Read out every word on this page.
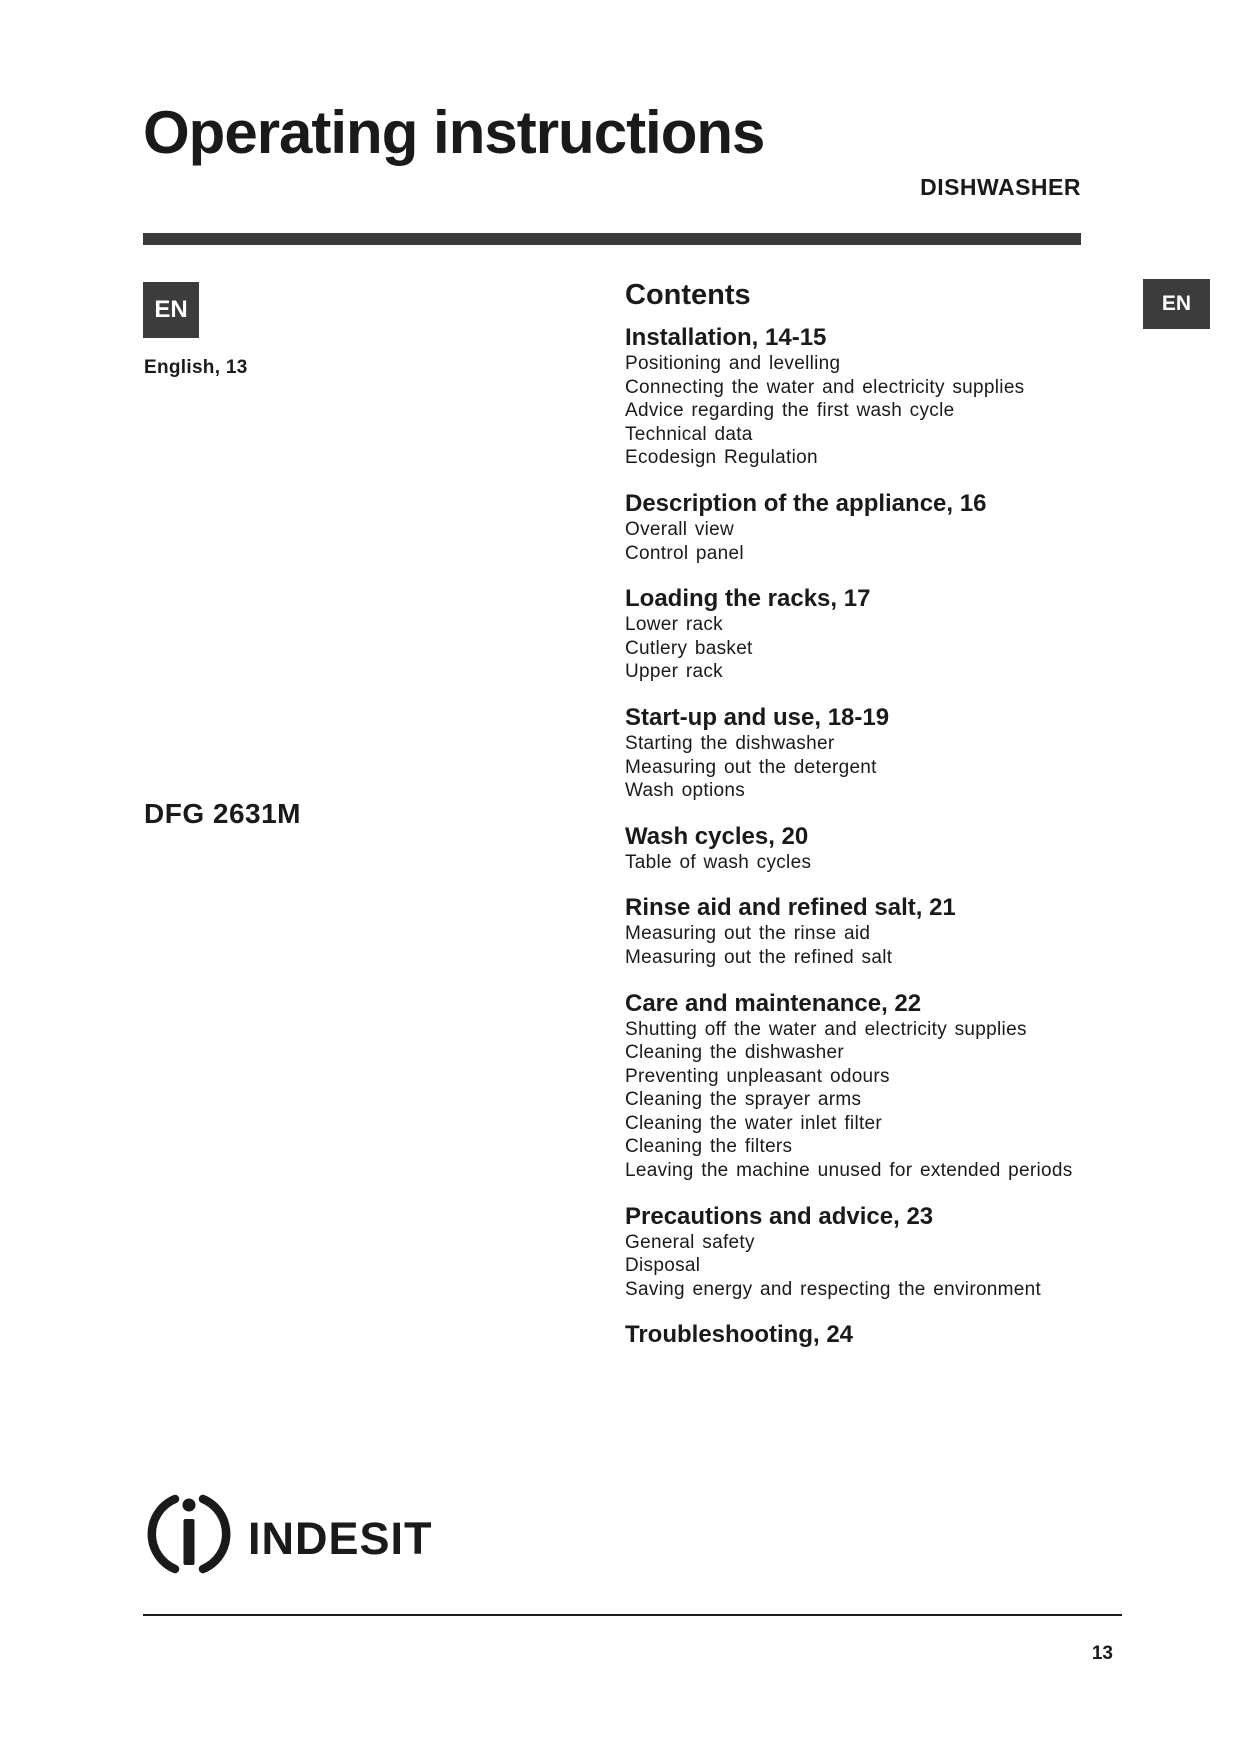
Operating instructions
DISHWASHER
EN
English, 13
DFG 2631M
EN
Contents
Installation, 14-15
Positioning and levelling
Connecting the water and electricity supplies
Advice regarding the first wash cycle
Technical data
Ecodesign Regulation
Description of the appliance, 16
Overall view
Control panel
Loading the racks, 17
Lower rack
Cutlery basket
Upper rack
Start-up and use, 18-19
Starting the dishwasher
Measuring out the detergent
Wash options
Wash cycles, 20
Table of wash cycles
Rinse aid and refined salt, 21
Measuring out the rinse aid
Measuring out the refined salt
Care and maintenance, 22
Shutting off the water and electricity supplies
Cleaning the dishwasher
Preventing unpleasant odours
Cleaning the sprayer arms
Cleaning the water inlet filter
Cleaning the filters
Leaving the machine unused for extended periods
Precautions and advice, 23
General safety
Disposal
Saving energy and respecting the environment
Troubleshooting, 24
indesit
13
